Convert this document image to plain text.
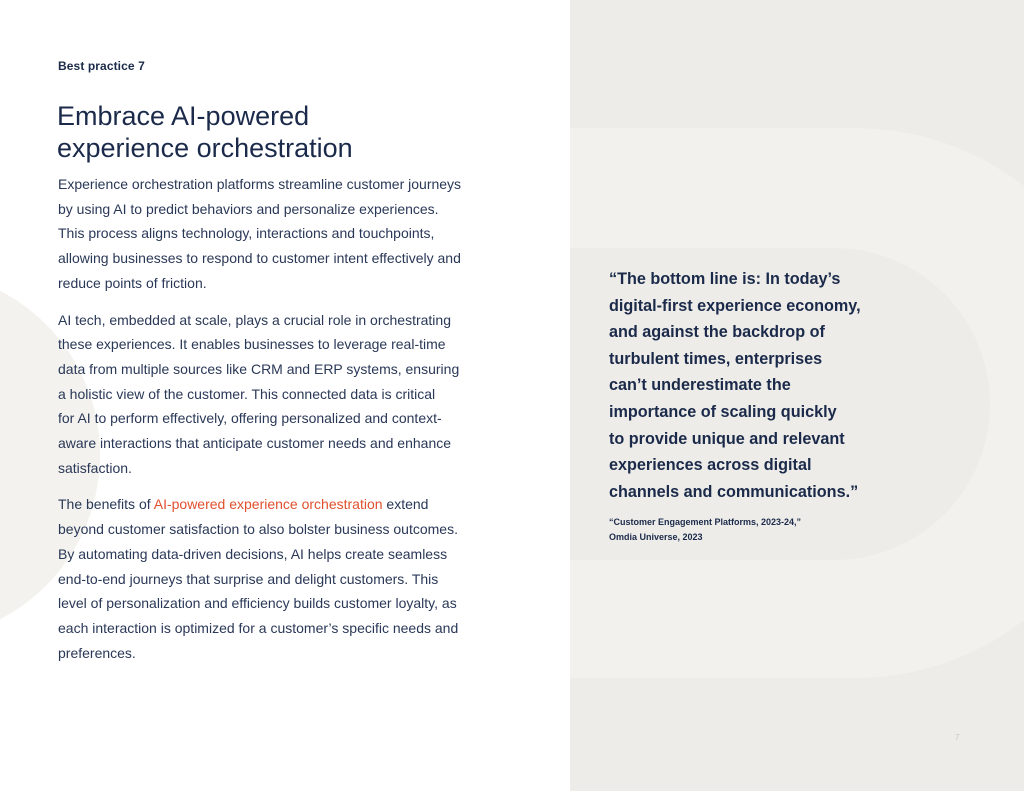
Best practice 7
Embrace AI-powered
experience orchestration

Experience orchestration platforms streamline customer journeys
by using AI to predict behaviors and personalize experiences.
This process aligns technology, interactions and touchpoints,
allowing businesses to respond to customer intent effectively and
reduce points of friction.

AI tech, embedded at scale, plays a crucial role in orchestrating
these experiences. It enables businesses to leverage real-time
data from multiple sources like CRM and ERP systems, ensuring
a holistic view of the customer. This connected data is critical
for AI to perform effectively, offering personalized and context-
aware interactions that anticipate customer needs and enhance
satisfaction.

The benefits of AI-powered experience orchestration extend
beyond customer satisfaction to also bolster business outcomes.
By automating data-driven decisions, AI helps create seamless
end-to-end journeys that surprise and delight customers. This
level of personalization and efficiency builds customer loyalty, as
each interaction is optimized for a customer’s specific needs and
preferences.

“The bottom line is: In today’s
digital-first experience economy,
and against the backdrop of
turbulent times, enterprises
can’t underestimate the
importance of scaling quickly
to provide unique and relevant
experiences across digital
channels and communications.”

“Customer Engagement Platforms, 2023-24,”
Omdia Universe, 2023
7
